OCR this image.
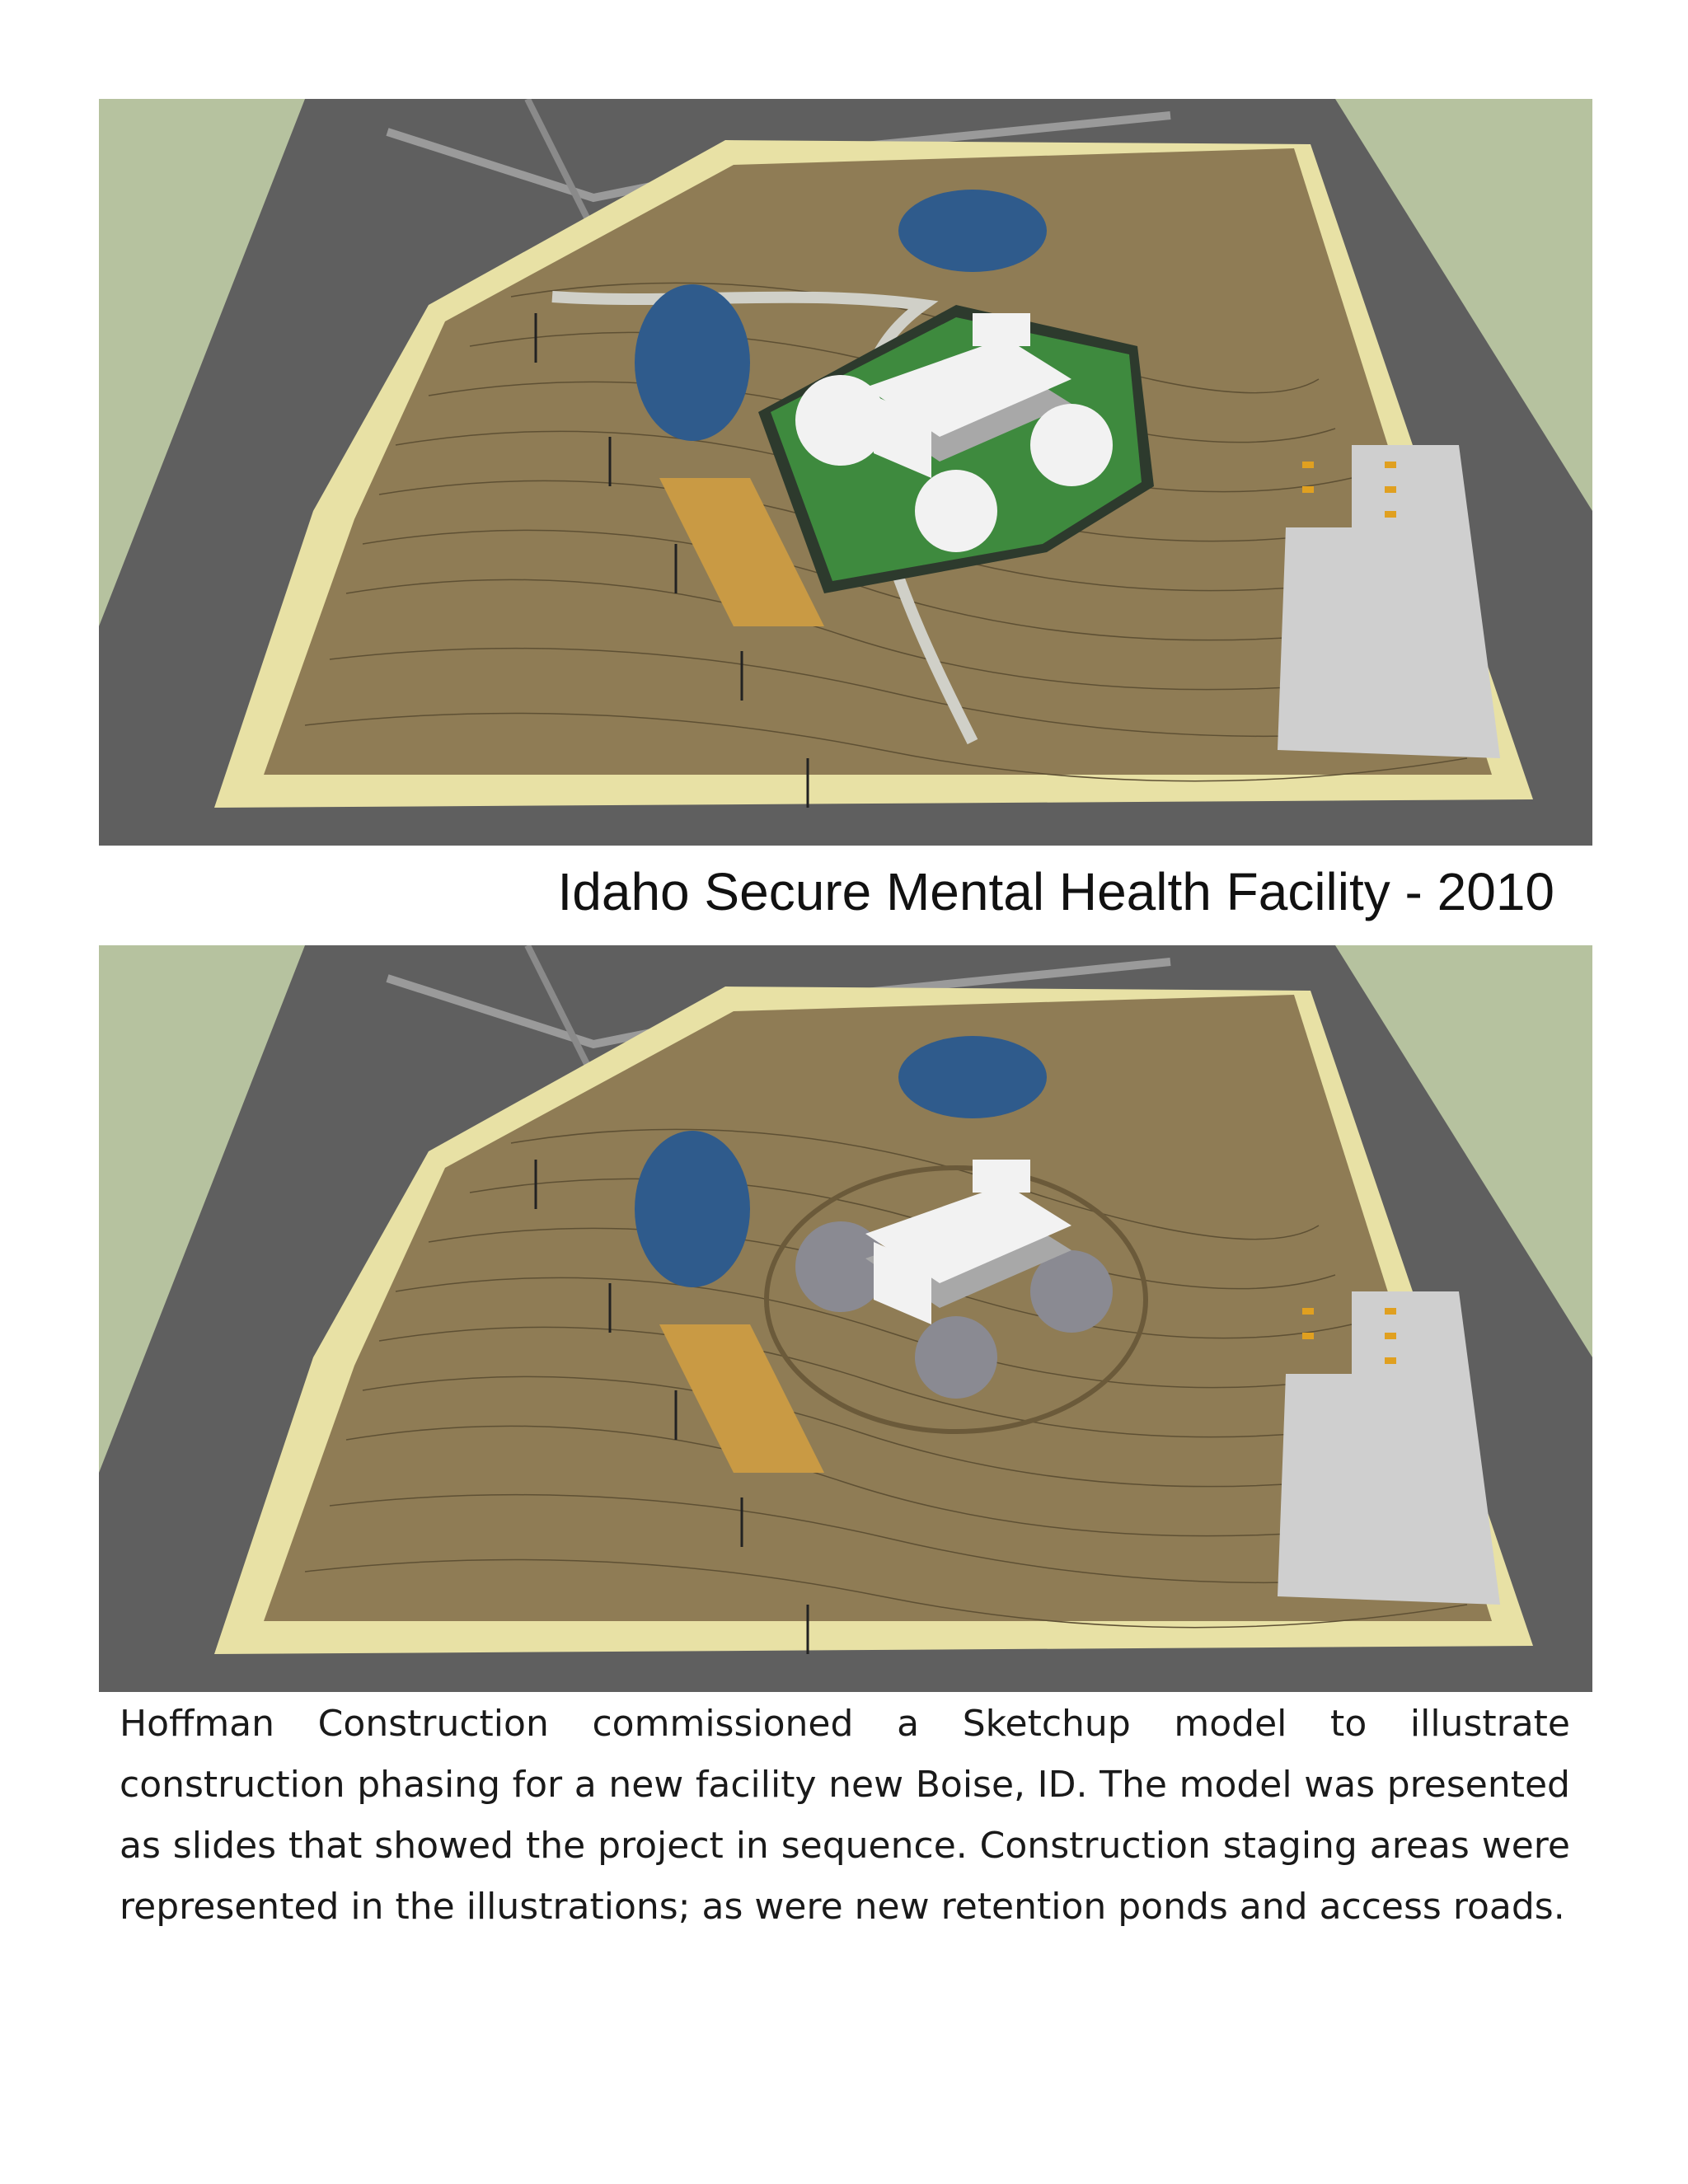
Idaho Secure Mental Health Facility - 2010

Hoffman Construction commissioned a Sketchup model to illustrate construction phasing for a new facility new Boise, ID. The model was presented as slides that showed the project in sequence. Construction staging areas were represented in the illustrations; as were new retention ponds and access roads.
